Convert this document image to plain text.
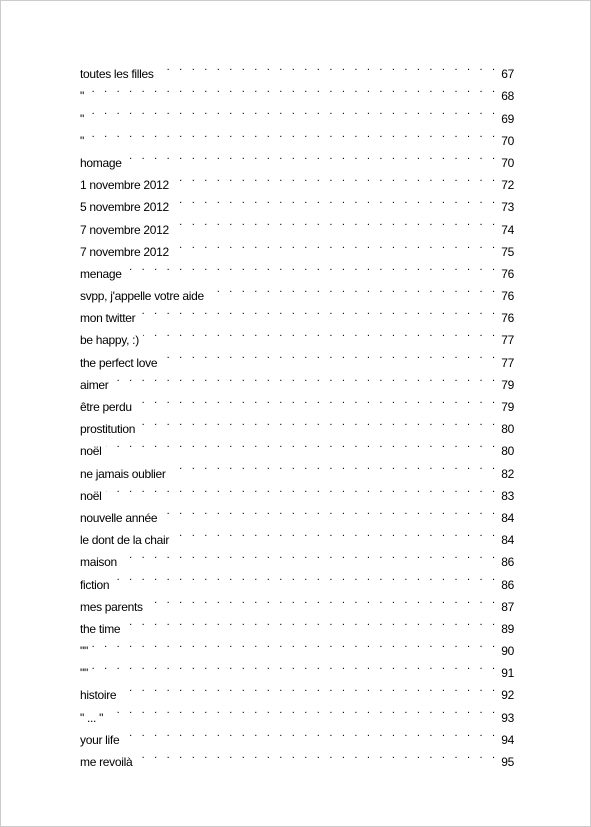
toutes les filles . . .	67
" . . .	68
" . . .	69
" . . .	70
homage . . .	70
1 novembre 2012 . . .	72
5 novembre 2012 . . .	73
7 novembre 2012 . . .	74
7 novembre 2012 . . .	75
menage . . .	76
svpp, j'appelle votre aide . . .	76
mon twitter . . .	76
be happy, :) . . .	77
the perfect love . . .	77
aimer . . .	79
être perdu . . .	79
prostitution . . .	80
noël . . .	80
ne jamais oublier . . .	82
noël . . .	83
nouvelle année . . .	84
le dont de la chair . . .	84
maison . . .	86
fiction . . .	86
mes parents . . .	87
the time . . .	89
"" . . .	90
"" . . .	91
histoire . . .	92
" ... " . . .	93
your life . . .	94
me revoilà . . .	95
